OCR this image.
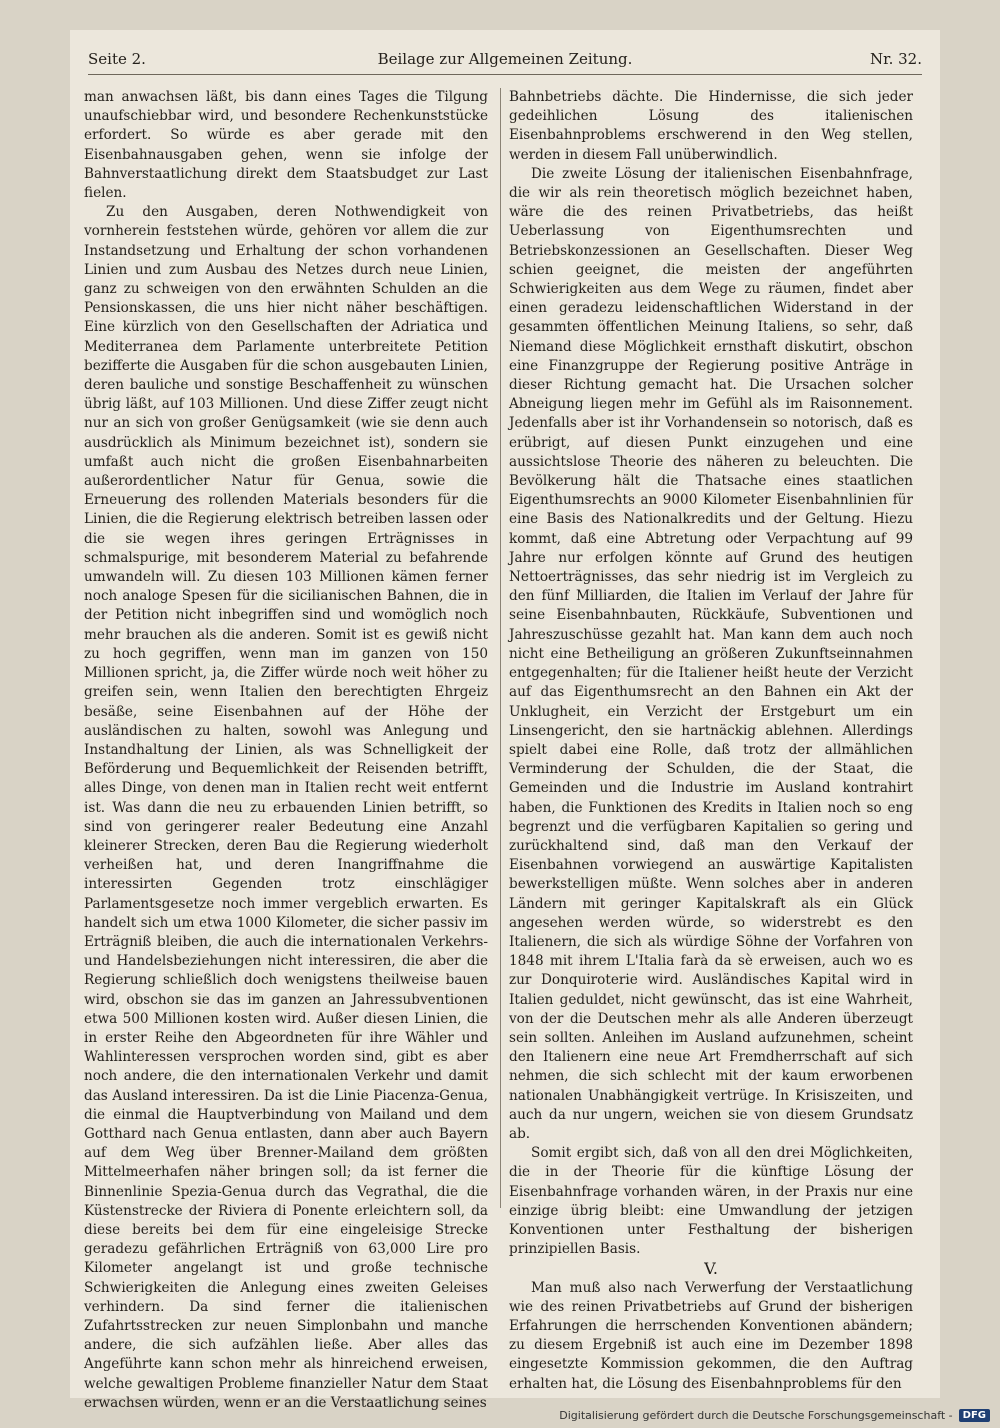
Seite 2.	Beilage zur Allgemeinen Zeitung.	Nr. 32.

man anwachsen läßt, bis dann eines Tages die Tilgung unaufschiebbar wird, und besondere Rechenkunststücke erfordert. So würde es aber gerade mit den Eisenbahnausgaben gehen, wenn sie infolge der Bahnverstaatlichung direkt dem Staatsbudget zur Last fielen.

Zu den Ausgaben, deren Nothwendigkeit von vornherein feststehen würde, gehören vor allem die zur Instandsetzung und Erhaltung der schon vorhandenen Linien und zum Ausbau des Netzes durch neue Linien, ganz zu schweigen von den erwähnten Schulden an die Pensionskassen, die uns hier nicht näher beschäftigen. Eine kürzlich von den Gesellschaften der Adriatica und Mediterranea dem Parlamente unterbreitete Petition bezifferte die Ausgaben für die schon ausgebauten Linien, deren bauliche und sonstige Beschaffenheit zu wünschen übrig läßt, auf 103 Millionen. Und diese Ziffer zeugt nicht nur an sich von großer Genügsamkeit (wie sie denn auch ausdrücklich als Minimum bezeichnet ist), sondern sie umfaßt auch nicht die großen Eisenbahnarbeiten außerordentlicher Natur für Genua, sowie die Erneuerung des rollenden Materials besonders für die Linien, die die Regierung elektrisch betreiben lassen oder die sie wegen ihres geringen Erträgnisses in schmalspurige, mit besonderem Material zu befahrende umwandeln will. Zu diesen 103 Millionen kämen ferner noch analoge Spesen für die sicilianischen Bahnen, die in der Petition nicht inbegriffen sind und womöglich noch mehr brauchen als die anderen. Somit ist es gewiß nicht zu hoch gegriffen, wenn man im ganzen von 150 Millionen spricht, ja, die Ziffer würde noch weit höher zu greifen sein, wenn Italien den berechtigten Ehrgeiz besäße, seine Eisenbahnen auf der Höhe der ausländischen zu halten, sowohl was Anlegung und Instandhaltung der Linien, als was Schnelligkeit der Beförderung und Bequemlichkeit der Reisenden betrifft, alles Dinge, von denen man in Italien recht weit entfernt ist. Was dann die neu zu erbauenden Linien betrifft, so sind von geringerer realer Bedeutung eine Anzahl kleinerer Strecken, deren Bau die Regierung wiederholt verheißen hat, und deren Inangriffnahme die interessirten Gegenden trotz einschlägiger Parlamentsgesetze noch immer vergeblich erwarten. Es handelt sich um etwa 1000 Kilometer, die sicher passiv im Erträgniß bleiben, die auch die internationalen Verkehrs- und Handelsbeziehungen nicht interessiren, die aber die Regierung schließlich doch wenigstens theilweise bauen wird, obschon sie das im ganzen an Jahressubventionen etwa 500 Millionen kosten wird. Außer diesen Linien, die in erster Reihe den Abgeordneten für ihre Wähler und Wahlinteressen versprochen worden sind, gibt es aber noch andere, die den internationalen Verkehr und damit das Ausland interessiren. Da ist die Linie Piacenza-Genua, die einmal die Hauptverbindung von Mailand und dem Gotthard nach Genua entlasten, dann aber auch Bayern auf dem Weg über Brenner-Mailand dem größten Mittelmeerhafen näher bringen soll; da ist ferner die Binnenlinie Spezia-Genua durch das Vegrathal, die die Küstenstrecke der Riviera di Ponente erleichtern soll, da diese bereits bei dem für eine eingeleisige Strecke geradezu gefährlichen Erträgniß von 63,000 Lire pro Kilometer angelangt ist und große technische Schwierigkeiten die Anlegung eines zweiten Geleises verhindern. Da sind ferner die italienischen Zufahrtsstrecken zur neuen Simplonbahn und manche andere, die sich aufzählen ließe. Aber alles das Angeführte kann schon mehr als hinreichend erweisen, welche gewaltigen Probleme finanzieller Natur dem Staat erwachsen würden, wenn er an die Verstaatlichung seines

Bahnbetriebs dächte. Die Hindernisse, die sich jeder gedeihlichen Lösung des italienischen Eisenbahnproblems erschwerend in den Weg stellen, werden in diesem Fall unüberwindlich.

Die zweite Lösung der italienischen Eisenbahnfrage, die wir als rein theoretisch möglich bezeichnet haben, wäre die des reinen Privatbetriebs, das heißt Ueberlassung von Eigenthumsrechten und Betriebskonzessionen an Gesellschaften. Dieser Weg schien geeignet, die meisten der angeführten Schwierigkeiten aus dem Wege zu räumen, findet aber einen geradezu leidenschaftlichen Widerstand in der gesammten öffentlichen Meinung Italiens, so sehr, daß Niemand diese Möglichkeit ernsthaft diskutirt, obschon eine Finanzgruppe der Regierung positive Anträge in dieser Richtung gemacht hat. Die Ursachen solcher Abneigung liegen mehr im Gefühl als im Raisonnement. Jedenfalls aber ist ihr Vorhandensein so notorisch, daß es erübrigt, auf diesen Punkt einzugehen und eine aussichtslose Theorie des näheren zu beleuchten. Die Bevölkerung hält die Thatsache eines staatlichen Eigenthumsrechts an 9000 Kilometer Eisenbahnlinien für eine Basis des Nationalkredits und der Geltung. Hiezu kommt, daß eine Abtretung oder Verpachtung auf 99 Jahre nur erfolgen könnte auf Grund des heutigen Nettoerträgnisses, das sehr niedrig ist im Vergleich zu den fünf Milliarden, die Italien im Verlauf der Jahre für seine Eisenbahnbauten, Rückkäufe, Subventionen und Jahreszuschüsse gezahlt hat. Man kann dem auch noch nicht eine Betheiligung an größeren Zukunftseinnahmen entgegenhalten; für die Italiener heißt heute der Verzicht auf das Eigenthumsrecht an den Bahnen ein Akt der Unklugheit, ein Verzicht der Erstgeburt um ein Linsengericht, den sie hartnäckig ablehnen. Allerdings spielt dabei eine Rolle, daß trotz der allmählichen Verminderung der Schulden, die der Staat, die Gemeinden und die Industrie im Ausland kontrahirt haben, die Funktionen des Kredits in Italien noch so eng begrenzt und die verfügbaren Kapitalien so gering und zurückhaltend sind, daß man den Verkauf der Eisenbahnen vorwiegend an auswärtige Kapitalisten bewerkstelligen müßte. Wenn solches aber in anderen Ländern mit geringer Kapitalskraft als ein Glück angesehen werden würde, so widerstrebt es den Italienern, die sich als würdige Söhne der Vorfahren von 1848 mit ihrem L'Italia farà da sè erweisen, auch wo es zur Donquiroterie wird. Ausländisches Kapital wird in Italien geduldet, nicht gewünscht, das ist eine Wahrheit, von der die Deutschen mehr als alle Anderen überzeugt sein sollten. Anleihen im Ausland aufzunehmen, scheint den Italienern eine neue Art Fremdherrschaft auf sich nehmen, die sich schlecht mit der kaum erworbenen nationalen Unabhängigkeit vertrüge. In Krisiszeiten, und auch da nur ungern, weichen sie von diesem Grundsatz ab.

Somit ergibt sich, daß von all den drei Möglichkeiten, die in der Theorie für die künftige Lösung der Eisenbahnfrage vorhanden wären, in der Praxis nur eine einzige übrig bleibt: eine Umwandlung der jetzigen Konventionen unter Festhaltung der bisherigen prinzipiellen Basis.

V.

Man muß also nach Verwerfung der Verstaatlichung wie des reinen Privatbetriebs auf Grund der bisherigen Erfahrungen die herrschenden Konventionen abändern; zu diesem Ergebniß ist auch eine im Dezember 1898 eingesetzte Kommission gekommen, die den Auftrag erhalten hat, die Lösung des Eisenbahnproblems für den

Digitalisierung gefördert durch die Deutsche Forschungsgemeinschaft -	DFG
